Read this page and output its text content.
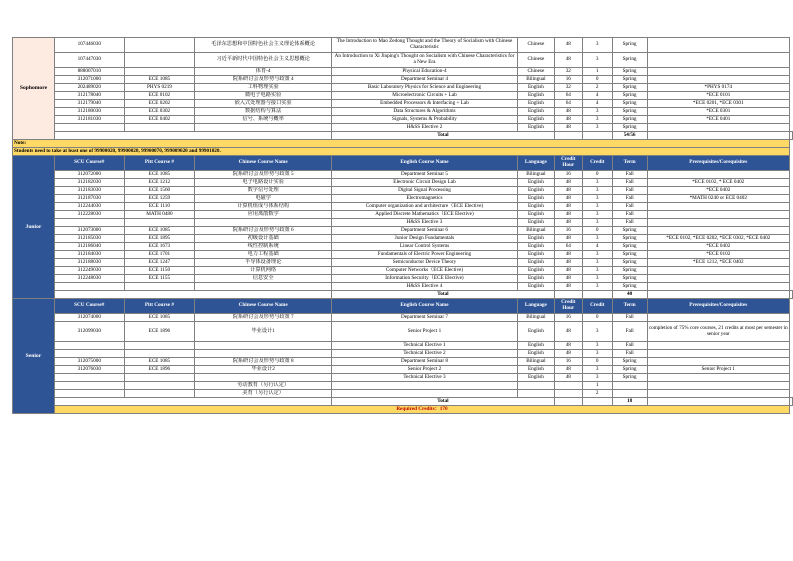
Sophomore	107446030		毛泽东思想和中国特色社会主义理论体系概论	The Introduction to Mao Zedong Thought and the Theory of Socialism with Chinese Characteristic	Chinese	48	3	Spring		
	107447030		习近平新时代中国特色社会主义思想概论	An Introduction to Xi Jinping's Thought on Socialism with Chinese Characteristics for a New Era	Chinese	48	3	Spring		
	888007010		体育-4	Physical Education-4	Chinese	32	1	Spring		
	312071000	ECE 1085	院系研讨会及形势与政策 4	Department Seminar 4	Bilingual	16	0	Spring		
	202489020	PHYS 0219	工科物理实验	Basic Laboratory Physics for Science and Engineering	English	32	2	Spring	*PHYS 0174	
	312178040	ECE 0102	微电子电路实验	Microelectronic Circuits + Lab	English	64	4	Spring	*ECE 0101	
	312179040	ECE 0202	嵌入式处理器与接口实验	Embedded Processors & Interfacing + Lab	English	64	4	Spring	*ECE 0201, *ECE 0301	
	312180030	ECE 0302	数据结构与算法	Data Structures & Algorithms	English	48	3	Spring	*ECE 0301	
	312181030	ECE 0402	信号、系统与概率	Signals, Systems & Probability	English	48	3	Spring	*ECE 0401	
				H&SS Elective 2	English	48	3	Spring		
				Total				54/56		
Note:										
Students need to take at least one of 99900020, 99900020, 99900070, 999009020 and 99901020.										
Junior	SCU Course#	Pitt Course #	Chinese Course Name	English Course Name	Language	Credit Hour	Credit	Term	Prerequisites/Corequisites	
	312072000	ECE 1085	院系研讨会及形势与政策 5	Department Seminar 5	Bilingual	16	0	Fall		
	312182030	ECE 1212	电子电路设计实验	Electronic Circuit Design Lab	English	48	3	Fall	*ECE 0102, * ECE 0402	
	312183030	ECE 1560	数字信号处理	Digital Signal Processing	English	48	3	Fall	*ECE 0402	
	312187030	ECE 1259	电磁学	Electromagnetics	English	48	3	Fall	*MATH 0240 or ECE 0402	
	312244030	ECE 1110	计算机组成与体系结构	Computer organization and architecture（ECE Elective)	English	48	3	Fall		
	312228030	MATH 0480	应用离散数学	Applied Discrete Mathematics（ECE Elective)	English	48	3	Fall		
				H&SS Elective 3	English	48	3	Fall		
	312073000	ECE 1085	院系研讨会及形势与政策 6	Department Seminar 6	Bilingual	16	0	Spring		
	312185030	ECE 1895	初级设计基础	Junior Design Fundamentals	English	48	3	Spring	*ECE 0102, *ECE 0202, *ECE 0302, *ECE 0402	
	312186040	ECE 1673	线性控制系统	Linear Control Systems	English	64	4	Spring	*ECE 0402	
	312184030	ECE 1701	电力工程基础	Fundamentals of Electric Power Engineering	English	48	3	Spring	*ECE 0102	
	312188030	ECE 1247	半导体设备理论	Semiconductor Device Theory	English	48	3	Spring	*ECE 1212, *ECE 0402	
	312249030	ECE 1150	计算机网络	Computer Networks（ECE Elective)	English	48	3	Spring		
	312248030	ECE 1155	信息安全	Information Security（ECE Elective)	English	48	3	Spring		
				H&SS Elective 4	English	48	3	Spring		
				Total				40		
Senior	SCU Course#	Pitt Course #	Chinese Course Name	English Course Name	Language	Credit Hour	Credit	Term	Prerequisites/Corequisites	
	312074000	ECE 1085	院系研讨会及形势与政策 7	Department Seminar 7	Bilingual	16	0	Fall		
	312099030	ECE 1896	毕业设计1	Senior Project 1	English	48	3	Fall	completion of 75% core courses, 21 credits at most per semester in senior year	
				Technical Elective 1	English	48	3	Fall		
				Technical Elective 2	English	48	3	Fall		
	312075000	ECE 1085	院系研讨会及形势与政策 8	Department Seminar 8	Bilingual	16	0	Spring		
	312076030	ECE 1896	毕业设计2	Senior Project 2	English	48	3	Spring	Senior Project 1	
				Technical Elective 3	English	48	3	Spring		
			劳动教育（另行认定）				1			
			美育（另行认定）				2			
				Total				18		
	Required Credits：170									
